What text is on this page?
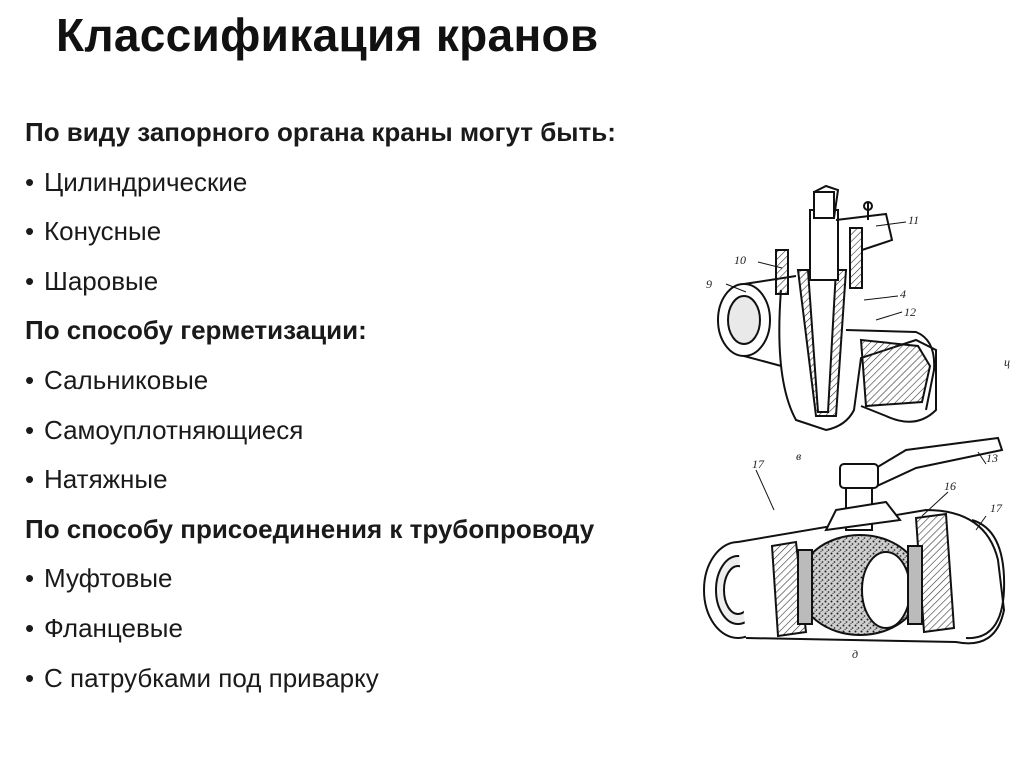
Классификация кранов
По виду запорного органа краны могут быть:
• Цилиндрические
• Конусные
• Шаровые
По способу герметизации:
• Сальниковые
• Самоуплотняющиеся
• Натяжные
По способу присоединения к трубопроводу
• Муфтовые
• Фланцевые
• С патрубками под приварку
11
10
9
4
12
ц
в
17
16
17
13
д
